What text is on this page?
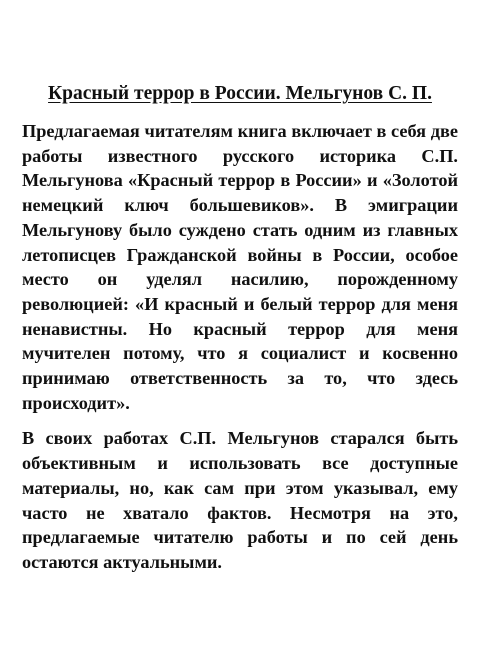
Красный террор в России. Мельгунов С. П.

Предлагаемая читателям книга включает в себя две работы известного русского историка С.П. Мельгунова «Красный террор в России» и «Золотой немецкий ключ большевиков». В эмиграции Мельгунову было суждено стать одним из главных летописцев Гражданской войны в России, особое место он уделял насилию, порожденному революцией: «И красный и белый террор для меня ненавистны. Но красный террор для меня мучителен потому, что я социалист и косвенно принимаю ответственность за то, что здесь происходит».

В своих работах С.П. Мельгунов старался быть объективным и использовать все доступные материалы, но, как сам при этом указывал, ему часто не хватало фактов. Несмотря на это, предлагаемые читателю работы и по сей день остаются актуальными.
